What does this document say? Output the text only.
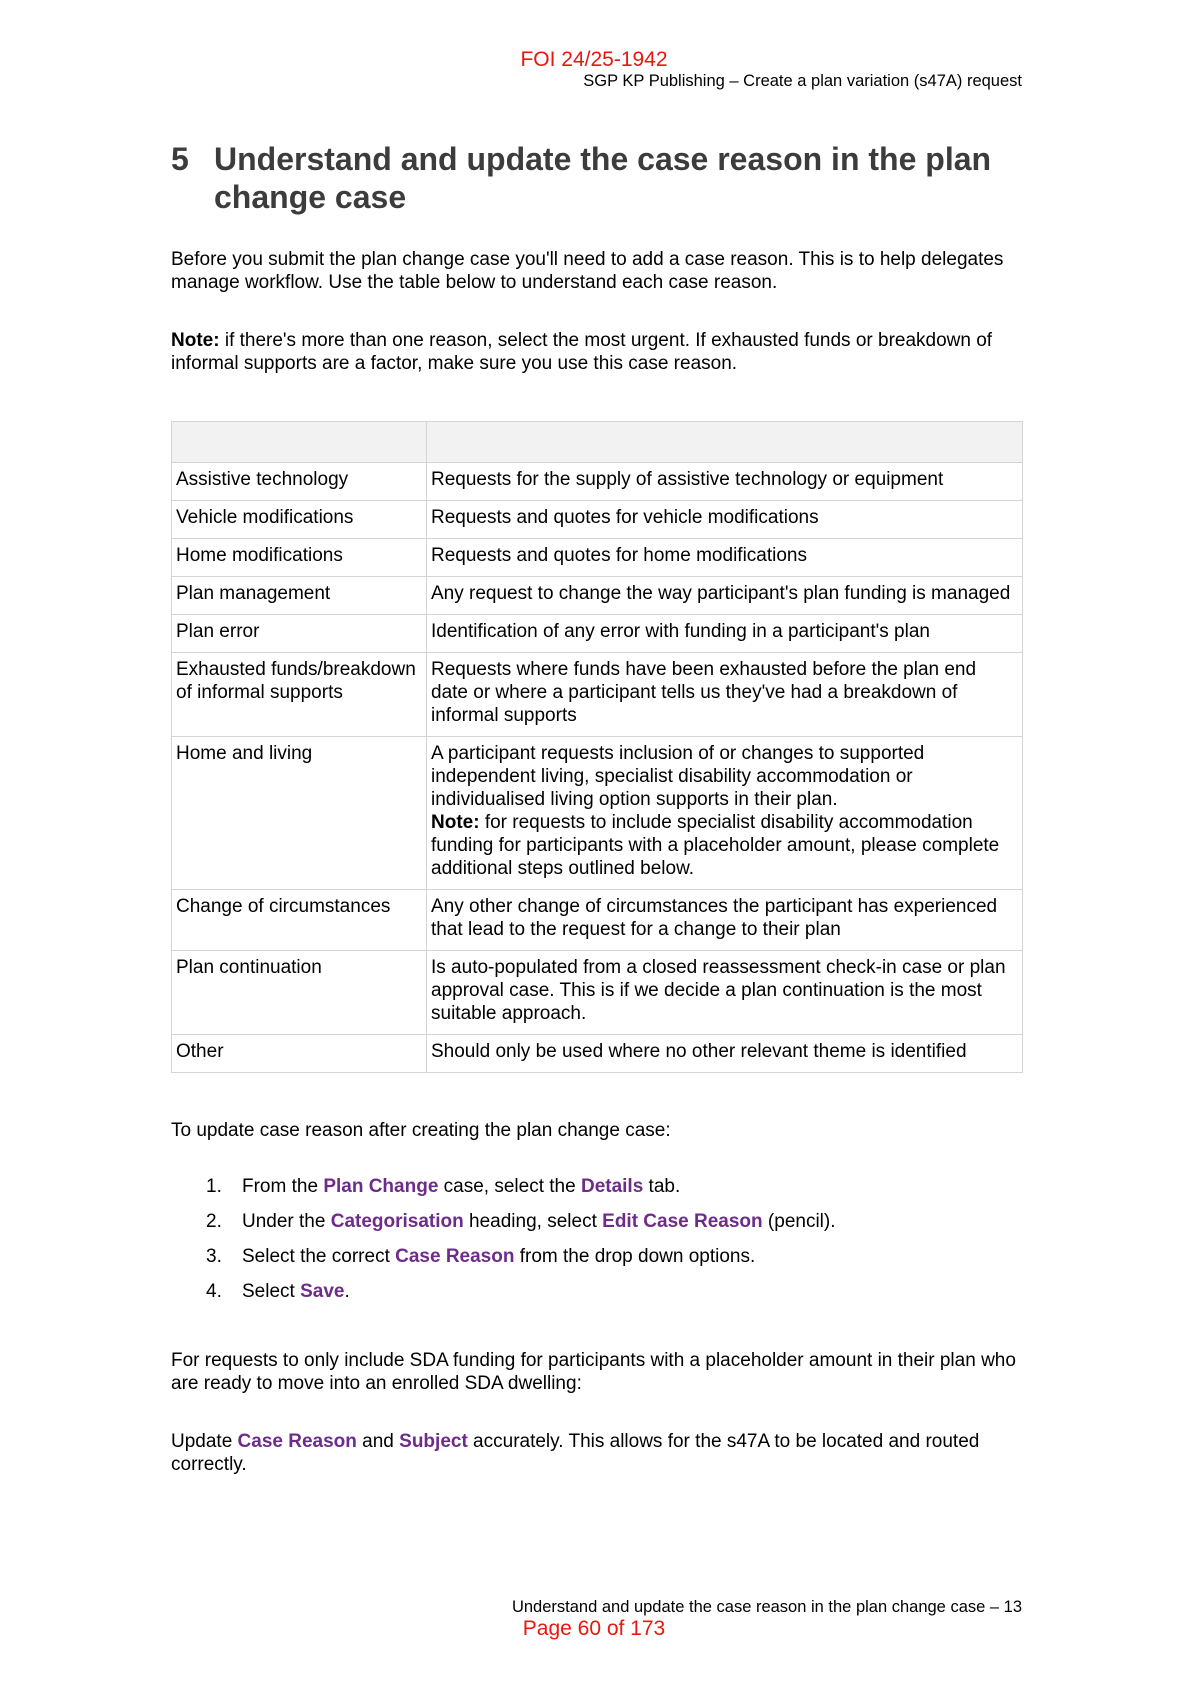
FOI 24/25-1942
SGP KP Publishing – Create a plan variation (s47A) request
5 Understand and update the case reason in the plan change case

Before you submit the plan change case you'll need to add a case reason. This is to help delegates manage workflow. Use the table below to understand each case reason.

Note: if there's more than one reason, select the most urgent. If exhausted funds or breakdown of informal supports are a factor, make sure you use this case reason.

Assistive technology	Requests for the supply of assistive technology or equipment
Vehicle modifications	Requests and quotes for vehicle modifications
Home modifications	Requests and quotes for home modifications
Plan management	Any request to change the way participant's plan funding is managed
Plan error	Identification of any error with funding in a participant's plan
Exhausted funds/breakdown of informal supports	Requests where funds have been exhausted before the plan end date or where a participant tells us they've had a breakdown of informal supports
Home and living	A participant requests inclusion of or changes to supported independent living, specialist disability accommodation or individualised living option supports in their plan.
Note: for requests to include specialist disability accommodation funding for participants with a placeholder amount, please complete additional steps outlined below.
Change of circumstances	Any other change of circumstances the participant has experienced that lead to the request for a change to their plan
Plan continuation	Is auto-populated from a closed reassessment check-in case or plan approval case. This is if we decide a plan continuation is the most suitable approach.
Other	Should only be used where no other relevant theme is identified

To update case reason after creating the plan change case:

1.	From the Plan Change case, select the Details tab.
2.	Under the Categorisation heading, select Edit Case Reason (pencil).
3.	Select the correct Case Reason from the drop down options.
4.	Select Save.

For requests to only include SDA funding for participants with a placeholder amount in their plan who are ready to move into an enrolled SDA dwelling:

Update Case Reason and Subject accurately. This allows for the s47A to be located and routed correctly.

Understand and update the case reason in the plan change case – 13
Page 60 of 173
